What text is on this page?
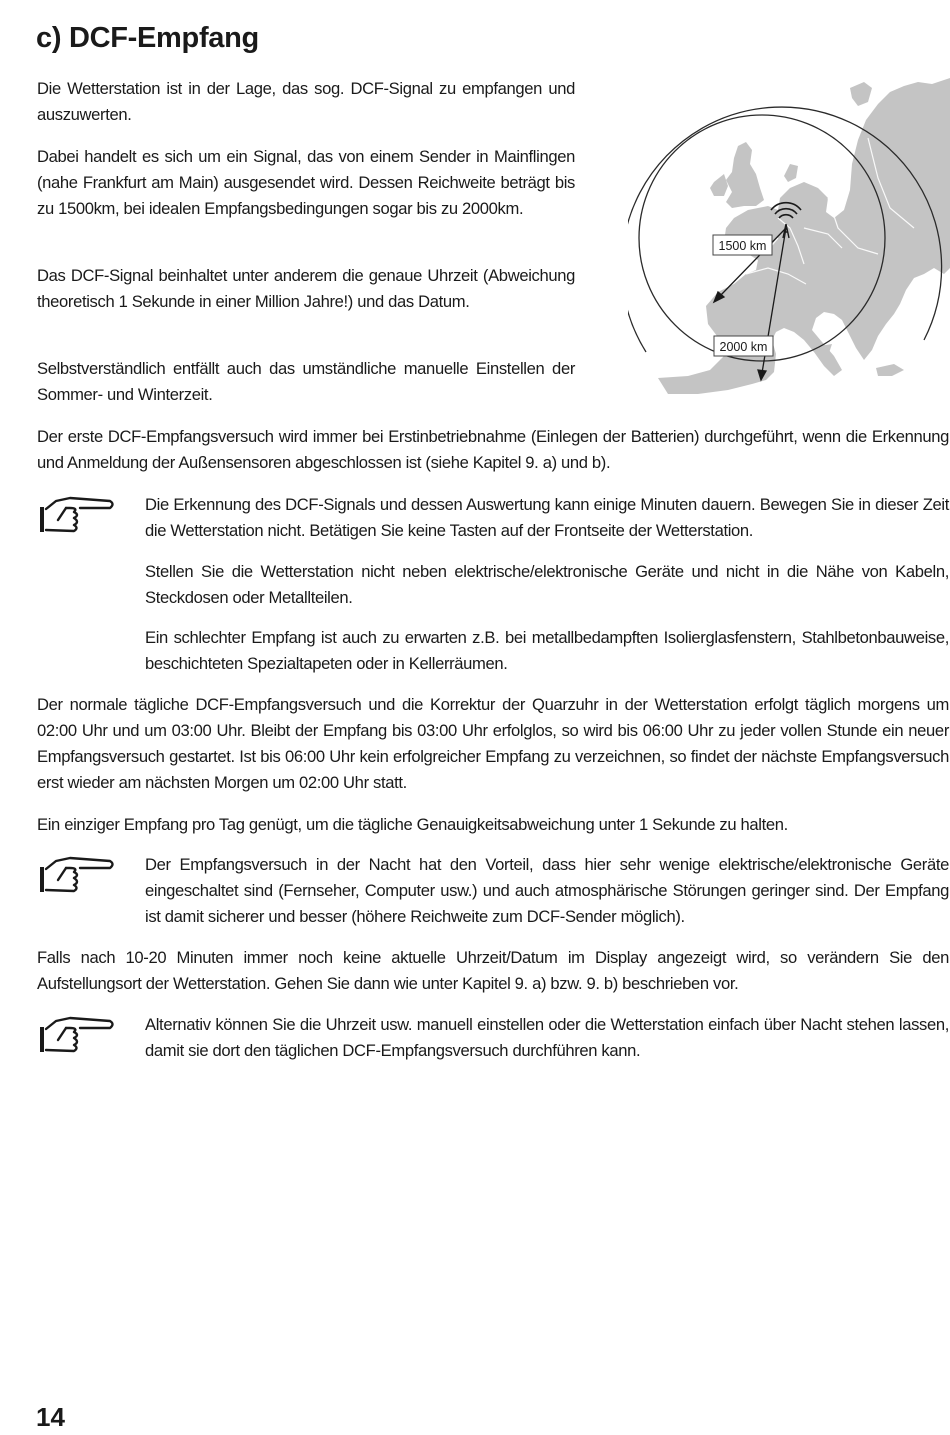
c) DCF-Empfang

Die Wetterstation ist in der Lage, das sog. DCF-Signal zu empfangen und auszuwerten.

Dabei handelt es sich um ein Signal, das von einem Sender in Mainflingen (nahe Frankfurt am Main) ausgesendet wird. Dessen Reichweite beträgt bis zu 1500km, bei idealen Empfangsbedingungen sogar bis zu 2000km.

Das DCF-Signal beinhaltet unter anderem die genaue Uhrzeit (Abweichung theoretisch 1 Sekunde in einer Million Jahre!) und das Datum.

Selbstverständlich entfällt auch das umständliche manuelle Einstellen der Sommer- und Winterzeit.

1500 km
2000 km

Der erste DCF-Empfangsversuch wird immer bei Erstinbetriebnahme (Einlegen der Batterien) durchgeführt, wenn die Erkennung und Anmeldung der Außensensoren abgeschlossen ist (siehe Kapitel 9. a) und b).

Die Erkennung des DCF-Signals und dessen Auswertung kann einige Minuten dauern. Bewegen Sie in dieser Zeit die Wetterstation nicht. Betätigen Sie keine Tasten auf der Frontseite der Wetterstation.

Stellen Sie die Wetterstation nicht neben elektrische/elektronische Geräte und nicht in die Nähe von Kabeln, Steckdosen oder Metallteilen.

Ein schlechter Empfang ist auch zu erwarten z.B. bei metallbedampften Isolierglasfenstern, Stahlbetonbauweise, beschichteten Spezialtapeten oder in Kellerräumen.

Der normale tägliche DCF-Empfangsversuch und die Korrektur der Quarzuhr in der Wetterstation erfolgt täglich morgens um 02:00 Uhr und um 03:00 Uhr. Bleibt der Empfang bis 03:00 Uhr erfolglos, so wird bis 06:00 Uhr zu jeder vollen Stunde ein neuer Empfangsversuch gestartet. Ist bis 06:00 Uhr kein erfolgreicher Empfang zu verzeichnen, so findet der nächste Empfangsversuch erst wieder am nächsten Morgen um 02:00 Uhr statt.

Ein einziger Empfang pro Tag genügt, um die tägliche Genauigkeitsabweichung unter 1 Sekunde zu halten.

Der Empfangsversuch in der Nacht hat den Vorteil, dass hier sehr wenige elektrische/elektronische Geräte eingeschaltet sind (Fernseher, Computer usw.) und auch atmosphärische Störungen geringer sind. Der Empfang ist damit sicherer und besser (höhere Reichweite zum DCF-Sender möglich).

Falls nach 10-20 Minuten immer noch keine aktuelle Uhrzeit/Datum im Display angezeigt wird, so verändern Sie den Aufstellungsort der Wetterstation. Gehen Sie dann wie unter Kapitel 9. a) bzw. 9. b) beschrieben vor.

Alternativ können Sie die Uhrzeit usw. manuell einstellen oder die Wetterstation einfach über Nacht stehen lassen, damit sie dort den täglichen DCF-Empfangsversuch durchführen kann.

14
